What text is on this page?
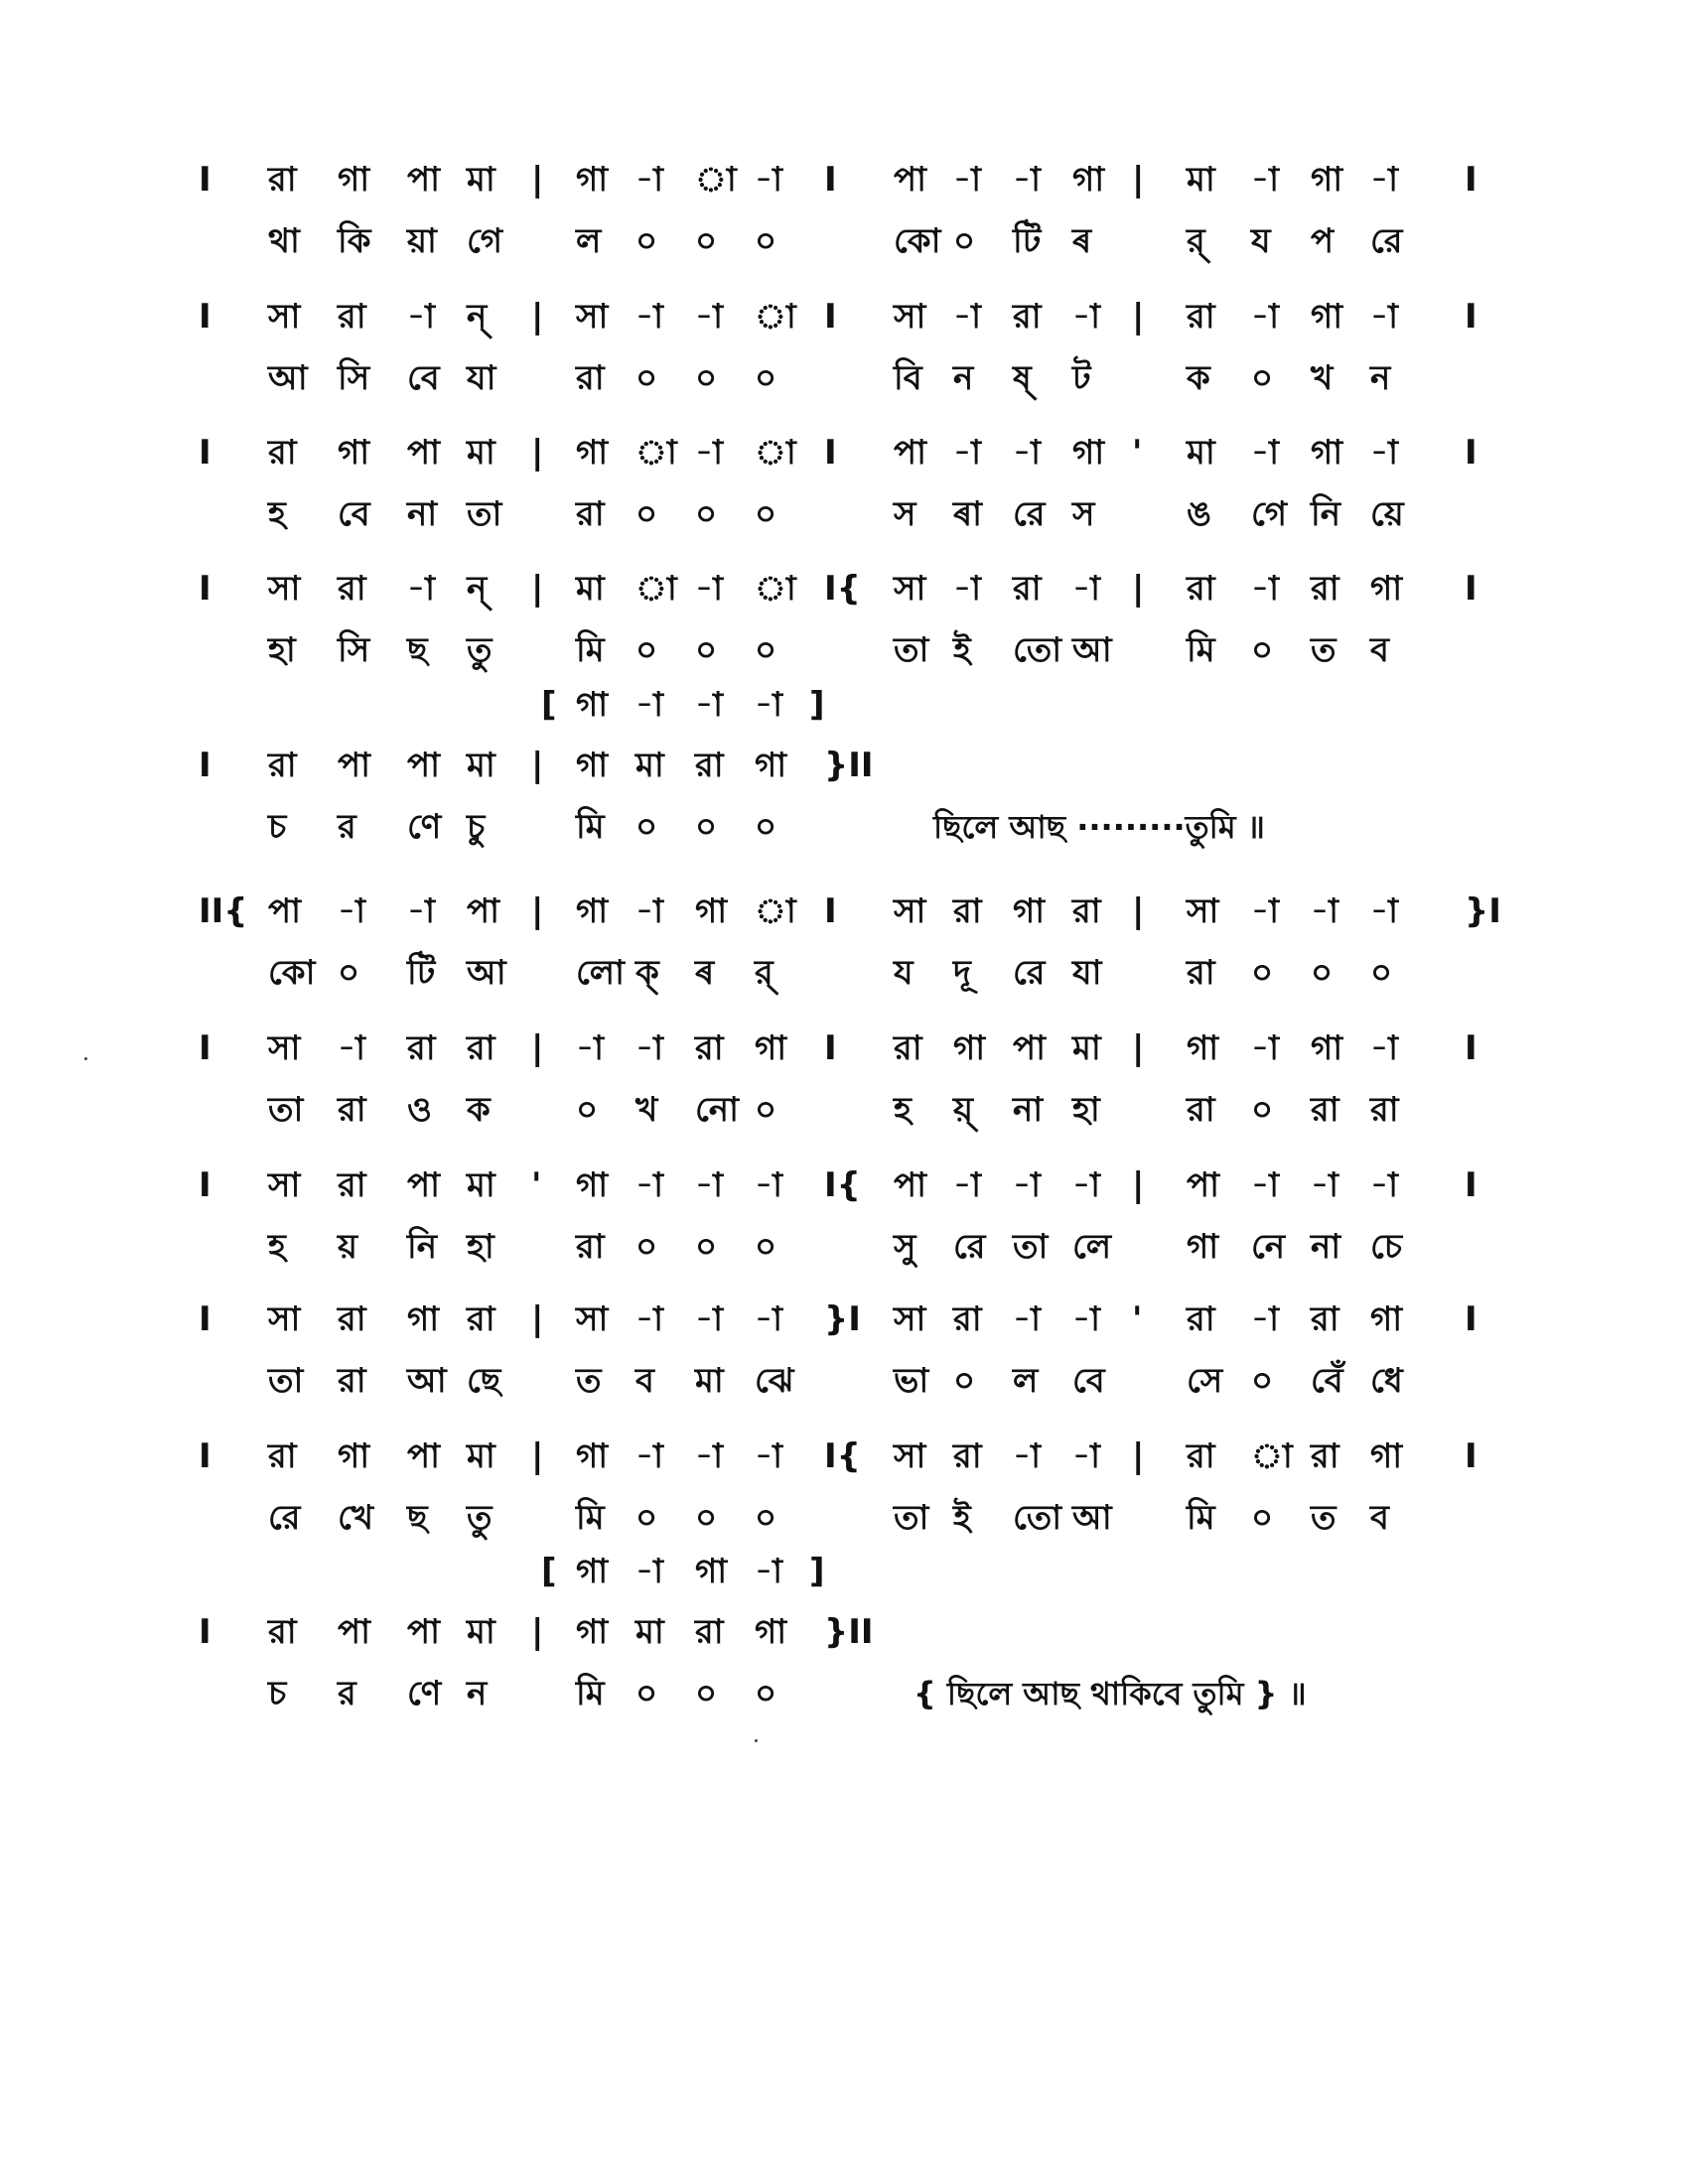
I রা গা পা মা | গা -া া -া I পা -া -া গা | মা -া গা -া I
থা কি য়া গে ল ০ ০ ০	কো ০ টি ৰ	র্ য প রে
I সা রা -া ন্ | সা -া -া া I সা -া রা -া | রা -া গা -া I
আ সি বে যা রা ০ ০ ০	বি ন ষ্ ট	ক ০ খ ন
I রা গা পা মা | গা া -া া I পা -া -া গা ' মা -া গা -া I
হ বে না তা রা ০ ০ ০	স ৰা রে স	ঙ গে নি য়ে
I সা রা -া ন্ | মা া -া া I{ সা -া রা -া | রা -া রা গা I
হা সি ছ তু মি ০ ০ ০	তা ই তো আ মি ০ ত ব
[ গা -া -া -া ]
I রা পা পা মা | গা মা রা গা }II
চ র ণে চু	মি ০ ০ ০	ছিলে আছ ·········তুমি ॥
II{ পা -া -া পা | গা -া গা া I সা রা গা রা | সা -া -া -া }I
কো ০ টি আ লো ক্ ৰ র্	য দূ রে যা	রা ০ ০ ০
I সা -া রা রা | -া -া রা গা I রা গা পা মা | গা -া গা -া I
তা রা ও ক	০ খ নো ০	হ য়্ না হা	রা ০ রা রা
I সা রা পা মা ' গা -া -া -া I{ পা -া -া -া | পা -া -া -া I
হ য় নি হা রা ০ ০ ০	সু রে তা লে গা নে না চে
I সা রা গা রা | সা -া -া -া }I সা রা -া -া ' রা -া রা গা I
তা রা আ ছে ত ব মা ঝে	ভা ০ ল বে সে ০ বেঁ ধে
I রা গা পা মা | গা -া -া -া I{ সা রা -া -া | রা া রা গা I
রে খে ছ তু মি ০ ০ ০	তা ই তো আ মি ০ ত ব
[ গা -া গা -া ]
I রা পা পা মা | গা মা রা গা }II
চ র ণে ন	মি ০ ০ ০	{ ছিলে আছ থাকিবে তুমি } ॥
